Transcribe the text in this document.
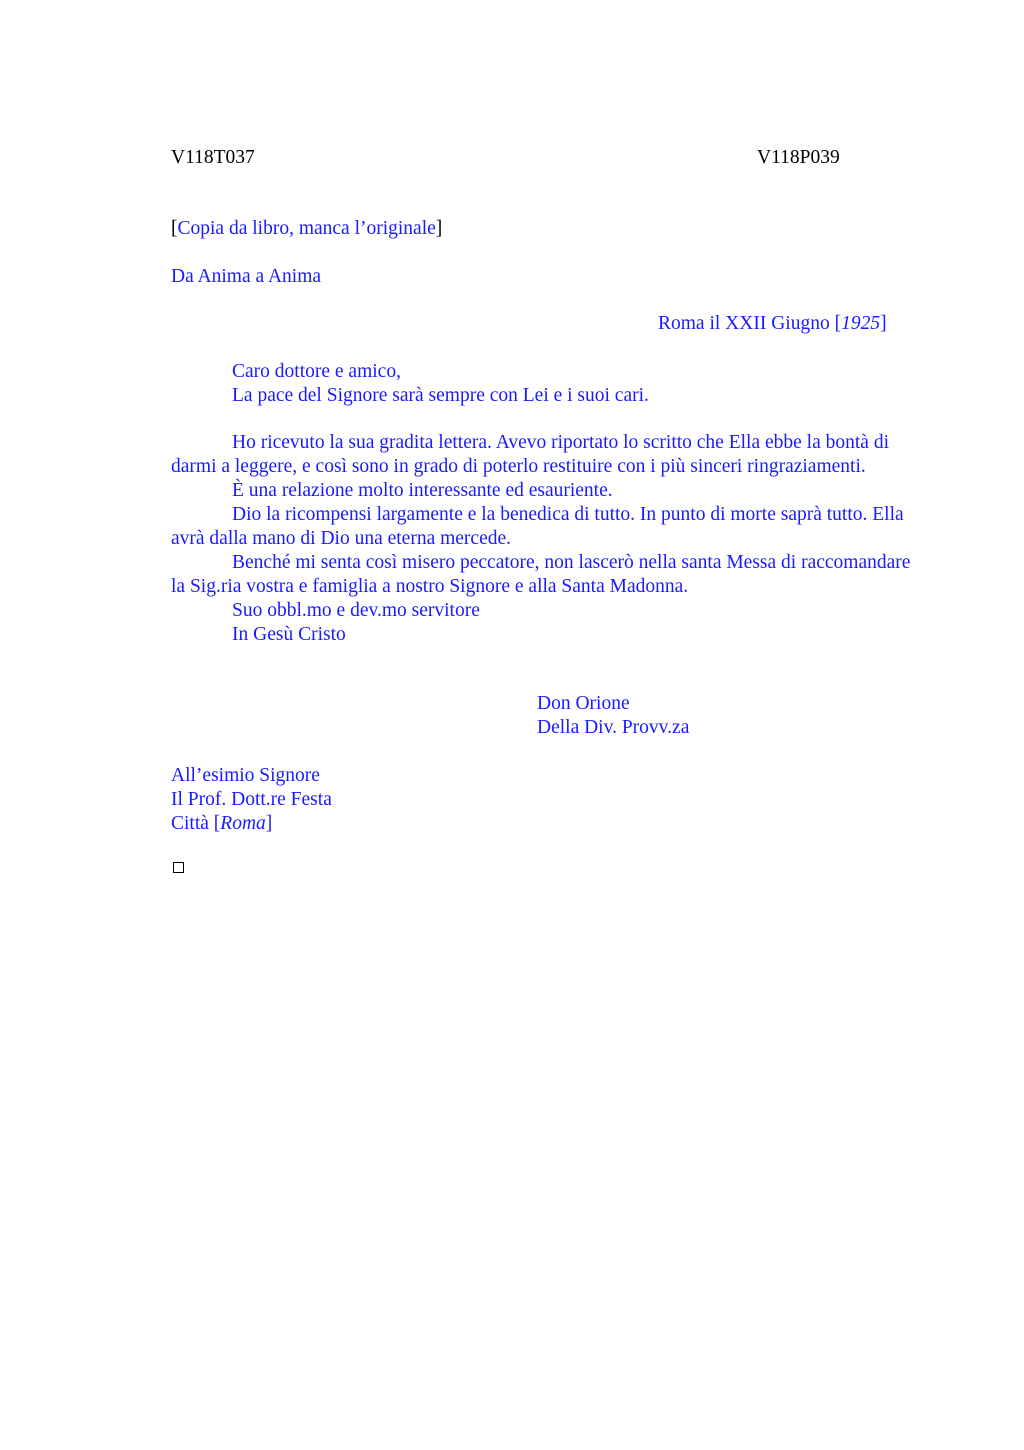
V118T037	V118P039
[Copia da libro, manca l’originale]
Da Anima a Anima
Roma il XXII Giugno [1925]

Caro dottore e amico,

La pace del Signore sarà sempre con Lei e i suoi cari.

Ho ricevuto la sua gradita lettera. Avevo riportato lo scritto che Ella ebbe la bontà di darmi a leggere, e così sono in grado di poterlo restituire con i più sinceri ringraziamenti.

È una relazione molto interessante ed esauriente.

Dio la ricompensi largamente e la benedica di tutto. In punto di morte saprà tutto. Ella avrà dalla mano di Dio una eterna mercede.

Benché mi senta così misero peccatore, non lascerò nella santa Messa di raccomandare la Sig.ria vostra e famiglia a nostro Signore e alla Santa Madonna.

Suo obbl.mo e dev.mo servitore

In Gesù Cristo

Don Orione
Della Div. Provv.za
All’esimio Signore
Il Prof. Dott.re Festa
Città [Roma]
